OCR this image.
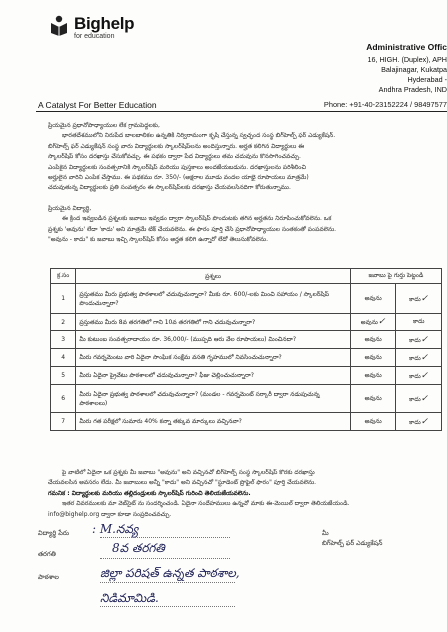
Bighelp
for education
Administrative Offic
16, HIGH. (Duplex), APH
Balajinagar, Kukatpa
Hyderabad -
Andhra Pradesh, IND
A Catalyst For Better Education	Phone: +91-40-23152224 / 98497577
ప్రియమైన ప్రధానోపాధ్యాయుల లేక గ్రామపెద్దలకు,
భారతదేశములోని నిరుపేద బాలబాలికల ఉన్నతికి నిర్విరామంగా కృషి చేస్తున్న స్వచ్ఛంద సంస్థ బిగ్‌హెల్ప్ ఫర్ ఎడ్యుకేషన్.
బిగ్‌హెల్ప్ ఫర్ ఎడ్యుకేషన్ సంస్థ వారు విద్యార్థులకు స్కాలర్‌షిప్‌లను అందిస్తున్నారు. అర్హత కలిగిన విద్యార్థులు ఈ
స్కాలర్‌షిప్ కోసం దరఖాస్తు చేసుకోవచ్చు. ఈ పథకం ద్వారా పేద విద్యార్థులు తమ చదువును కొనసాగించవచ్చు.
ఎంపికైన విద్యార్థులకు సంవత్సరానికి స్కాలర్‌షిప్ మరియు పుస్తకాలు అందజేయబడును. దరఖాస్తులను పరిశీలించి
అర్హులైన వారిని ఎంపిక చేస్తాము. ఈ పథకము రూ. 350/- (అక్షరాల మూడు వందల యాభై రూపాయలు మాత్రమే)
చదువుతున్న విద్యార్థులకు ప్రతి సంవత్సరం ఈ స్కాలర్‌షిప్‌లకు దరఖాస్తు చేయవలసినదిగా కోరుతున్నాము.
ప్రియమైన విద్యార్థి,
ఈ క్రింద ఇవ్వబడిన ప్రశ్నలకు జవాబు ఇవ్వడం ద్వారా స్కాలర్‌షిప్ పొందుటకు తగిన అర్హతను నిరూపించుకోవలెను. ఒక
ప్రశ్నకు 'అవును' లేదా 'కాదు' అని మాత్రమే టిక్ చేయవలెను. ఈ ఫారం పూర్తి చేసి ప్రధానోపాధ్యాయుల సంతకంతో పంపవలెను.
"అవును - కాదు" కు జవాబు ఇచ్చి స్కాలర్‌షిప్ కోసం అర్హత కలిగి ఉన్నారో లేదో తెలుసుకోవలెను.
క్ర.సం	ప్రశ్నలు	జవాబు పై గుర్తు పెట్టండి	
1	ప్రస్తుతము మీరు ప్రభుత్వ పాఠశాలలో చదువుచున్నారా? మీకు రూ. 600/-లకు మించి సహాయం / స్కాలర్‌షిప్ పొందుచున్నారా?	అవును	కాదు✓
2	ప్రస్తుతము మీరు 8వ తరగతిలో గాని 10వ తరగతిలో గాని చదువుచున్నారా?	అవును✓	కాదు
3	మీ కుటుంబ సంవత్సరాదాయం రూ. 36,000/- (ముప్పది ఆరు వేల రూపాయలు) మించినదా?	అవును	కాదు✓
4	మీరు గవర్నమెంటు వారి ఏదైనా సాంఘిక సంక్షేమ వసతి గృహములో నివసించుచున్నారా?	అవును	కాదు✓
5	మీరు ఏదైనా ప్రైవేటు పాఠశాలలో చదువుచున్నారా? ఫీజు చెల్లించుచున్నారా?	అవును	కాదు✓
6	మీరు ఏదైనా ప్రభుత్వ పాఠశాలలో చదువుచున్నారా? (మండల - గవర్నమెంట్ సర్కారీ ద్వారా నడుపుచున్న పాఠశాలలు)	అవును	కాదు✓
7	మీరు గత పరీక్షలో సుమారు 40% కన్నా తక్కువ మార్కులు వచ్చినవా?	అవును	కాదు✓
పై వాటిలో ఏదైనా ఒక ప్రశ్నకు మీ జవాబు "అవును" అని వచ్చినచో బిగ్‌హెల్ప్ సంస్థ స్కాలర్‌షిప్ కొరకు దరఖాస్తు
చేయవలసిన అవసరం లేదు. మీ జవాబులు అన్నీ "కాదు" అని వచ్చినచో "స్టూడెంట్ ప్రొఫైల్ ఫారం" పూర్తి చేయవలెను.
గమనిక : విద్యార్థులకు మరియు తల్లిదండ్రులకు స్కాలర్‌షిప్ గురించి తెలియజేయవలెను.
ఇతర వివరములకు మా వెబ్‌సైట్ ను సందర్శించండి. ఏదైనా సందేహములు ఉన్నచో మాకు ఈ-మెయిల్ ద్వారా తెలియజేయండి.
info@bighelp.org ద్వారా కూడా సంప్రదించవచ్చు.
విద్యార్థి పేరు : M.నవ్య
తరగతి	8వ తరగతి
పాఠశాల	జిల్లా పరిషత్ ఉన్నత పాఠశాల,
నిడిమామిడి.
మీ
బిగ్‌హెల్ప్ ఫర్ ఎడ్యుకేషన్
